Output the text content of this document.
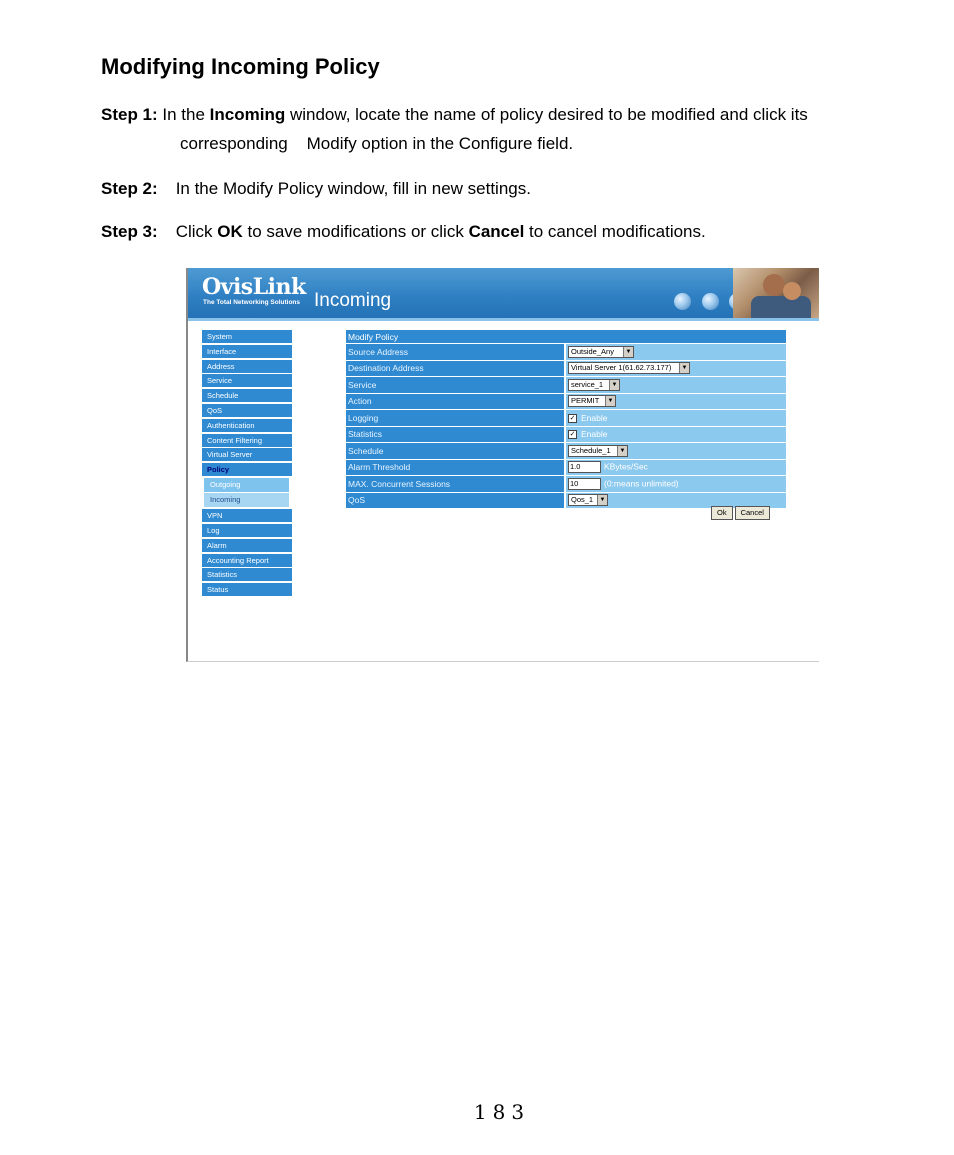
Modifying Incoming Policy
Step 1: In the Incoming window, locate the name of policy desired to be modified and click its
corresponding    Modify option in the Configure field.
Step 2: In the Modify Policy window, fill in new settings.
Step 3: Click OK to save modifications or click Cancel to cancel modifications.
OvisLink
The Total Networking Solutions Incoming
System
Interface
Address
Service
Schedule
QoS
Authentication
Content Filtering
Virtual Server
Policy
Outgoing
Incoming
VPN
Log
Alarm
Accounting Report
Statistics
Status
Modify Policy	
Source Address	Outside_Any ▼

Destination Address	Virtual Server 1(61.62.73.177) ▼

Service	service_1 ▼

Action	PERMIT ▼

Logging	✓ Enable
Statistics	✓ Enable
Schedule	Schedule_1 ▼

Alarm Threshold	1.0 KBytes/Sec
MAX. Concurrent Sessions	10 (0:means unlimited)
QoS	Qos_1 ▼
Ok Cancel
183
